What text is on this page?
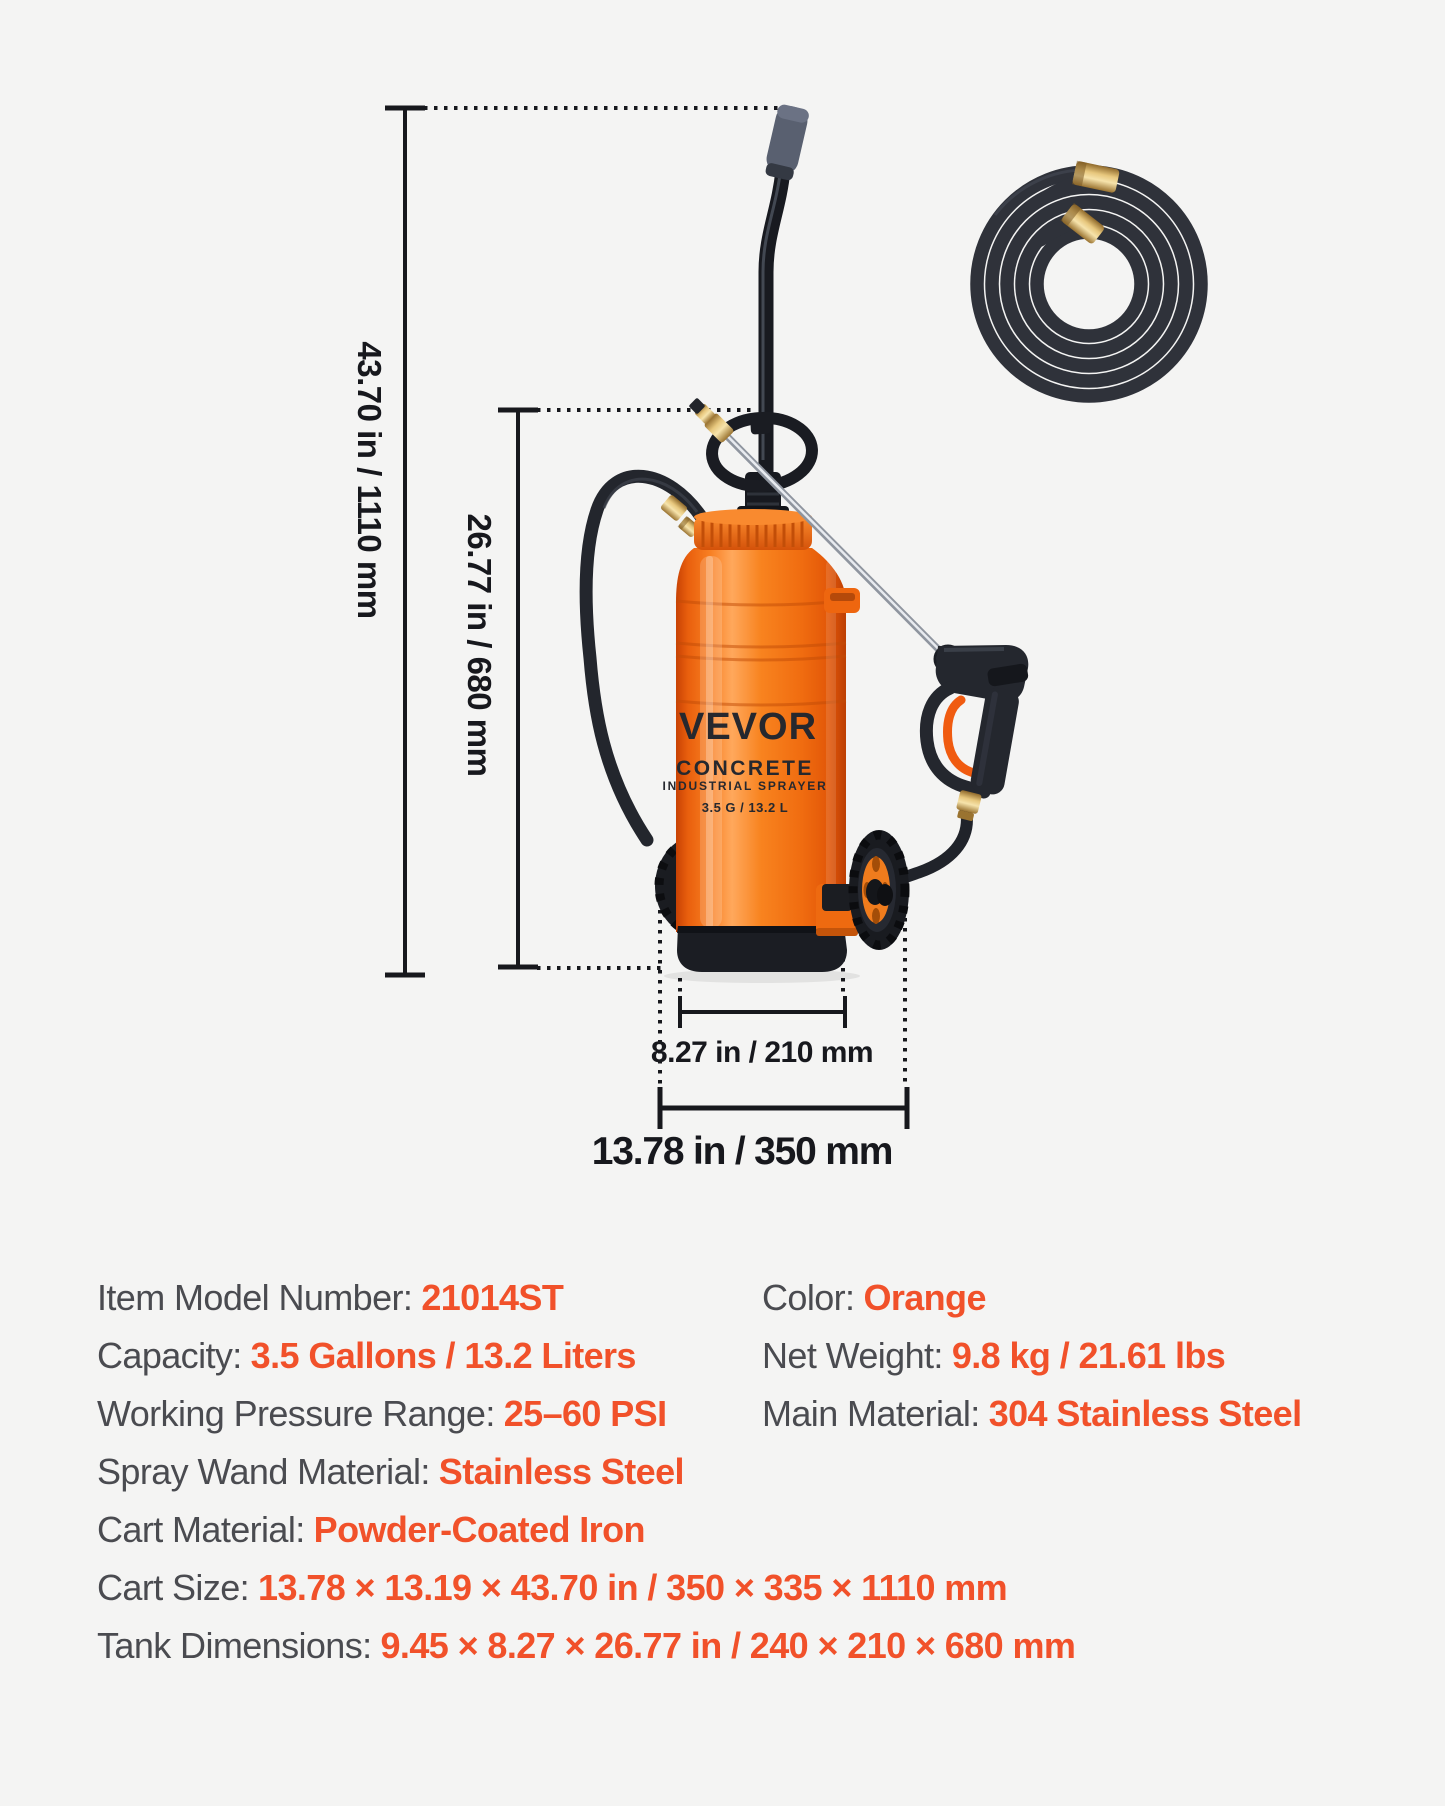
43.70 in / 1110 mm
26.77 in / 680 mm
8.27 in / 210 mm
13.78 in / 350 mm
VEVOR
CONCRETE
INDUSTRIAL SPRAYER
3.5 G / 13.2 L
Item Model Number: 21014ST
Capacity: 3.5 Gallons / 13.2 Liters
Working Pressure Range: 25–60 PSI
Spray Wand Material: Stainless Steel
Cart Material: Powder-Coated Iron
Cart Size: 13.78 × 13.19 × 43.70 in / 350 × 335 × 1110 mm
Tank Dimensions: 9.45 × 8.27 × 26.77 in / 240 × 210 × 680 mm
Color: Orange
Net Weight: 9.8 kg / 21.61 lbs
Main Material: 304 Stainless Steel
